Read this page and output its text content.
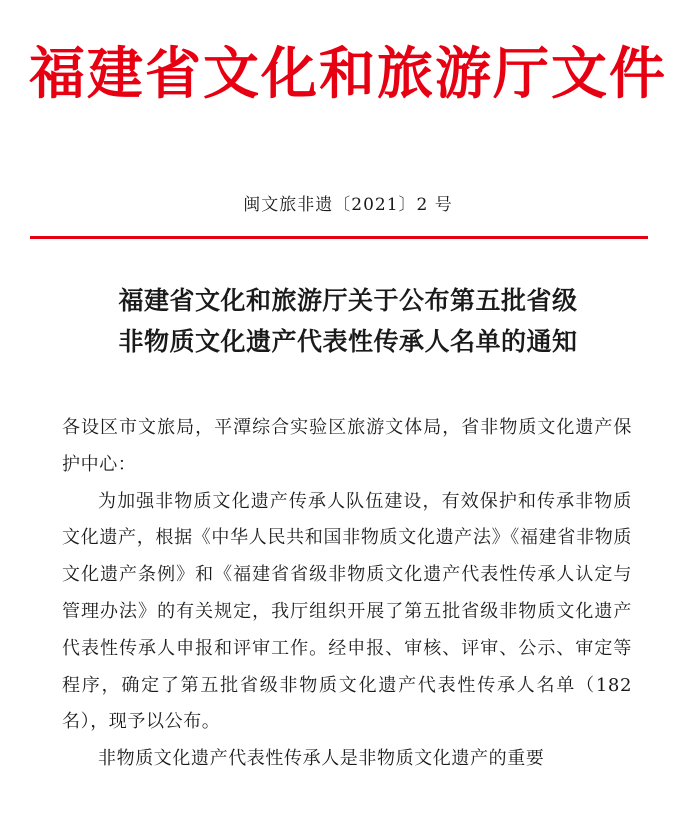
福建省文化和旅游厅文件
闽文旅非遗〔2021〕2 号
福建省文化和旅游厅关于公布第五批省级
非物质文化遗产代表性传承人名单的通知

各设区市文旅局，平潭综合实验区旅游文体局，省非物质文化遗产保护中心：

为加强非物质文化遗产传承人队伍建设，有效保护和传承非物质文化遗产，根据《中华人民共和国非物质文化遗产法》《福建省非物质文化遗产条例》和《福建省省级非物质文化遗产代表性传承人认定与管理办法》的有关规定，我厅组织开展了第五批省级非物质文化遗产代表性传承人申报和评审工作。经申报、审核、评审、公示、审定等程序，确定了第五批省级非物质文化遗产代表性传承人名单（182 名），现予以公布。

非物质文化遗产代表性传承人是非物质文化遗产的重要
